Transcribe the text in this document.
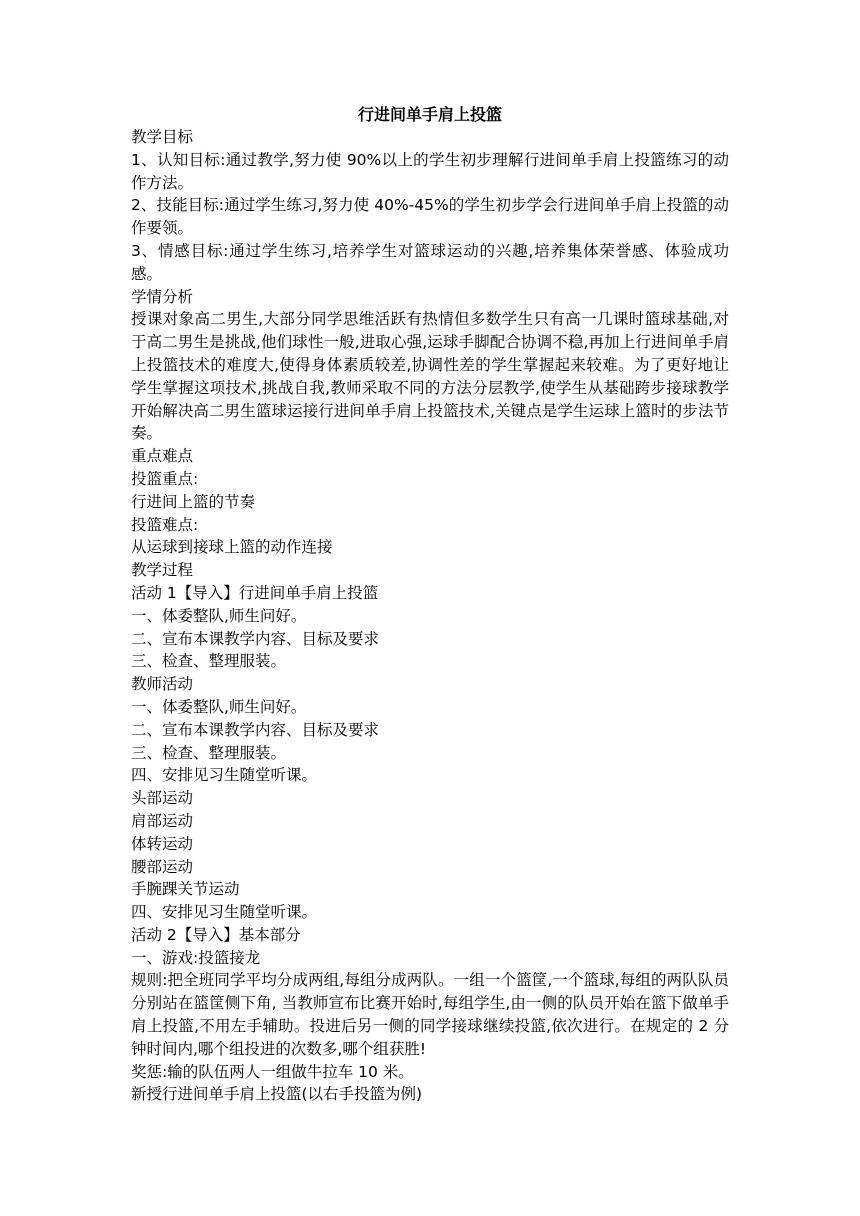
行进间单手肩上投篮

教学目标

1、认知目标:通过教学,努力使 90%以上的学生初步理解行进间单手肩上投篮练习的动作方法。

2、技能目标:通过学生练习,努力使 40%-45%的学生初步学会行进间单手肩上投篮的动作要领。

3、情感目标:通过学生练习,培养学生对篮球运动的兴趣,培养集体荣誉感、体验成功感。

学情分析

授课对象高二男生,大部分同学思维活跃有热情但多数学生只有高一几课时篮球基础,对于高二男生是挑战,他们球性一般,进取心强,运球手脚配合协调不稳,再加上行进间单手肩上投篮技术的难度大,使得身体素质较差,协调性差的学生掌握起来较难。为了更好地让学生掌握这项技术,挑战自我,教师采取不同的方法分层教学,使学生从基础跨步接球教学开始解决高二男生篮球运接行进间单手肩上投篮技术,关键点是学生运球上篮时的步法节奏。

重点难点

投篮重点:

行进间上篮的节奏

投篮难点:

从运球到接球上篮的动作连接

教学过程

活动 1【导入】行进间单手肩上投篮

一、体委整队,师生问好。

二、宣布本课教学内容、目标及要求

三、检查、整理服装。

教师活动

一、体委整队,师生问好。

二、宣布本课教学内容、目标及要求

三、检查、整理服装。

四、安排见习生随堂听课。

头部运动

肩部运动

体转运动

腰部运动

手腕踝关节运动

四、安排见习生随堂听课。

活动 2【导入】基本部分

一、游戏:投篮接龙

规则:把全班同学平均分成两组,每组分成两队。一组一个篮筐,一个篮球,每组的两队队员分别站在篮筐侧下角, 当教师宣布比赛开始时,每组学生,由一侧的队员开始在篮下做单手肩上投篮,不用左手辅助。投进后另一侧的同学接球继续投篮,依次进行。在规定的 2 分钟时间内,哪个组投进的次数多,哪个组获胜!

奖惩:输的队伍两人一组做牛拉车 10 米。

新授行进间单手肩上投篮(以右手投篮为例)
